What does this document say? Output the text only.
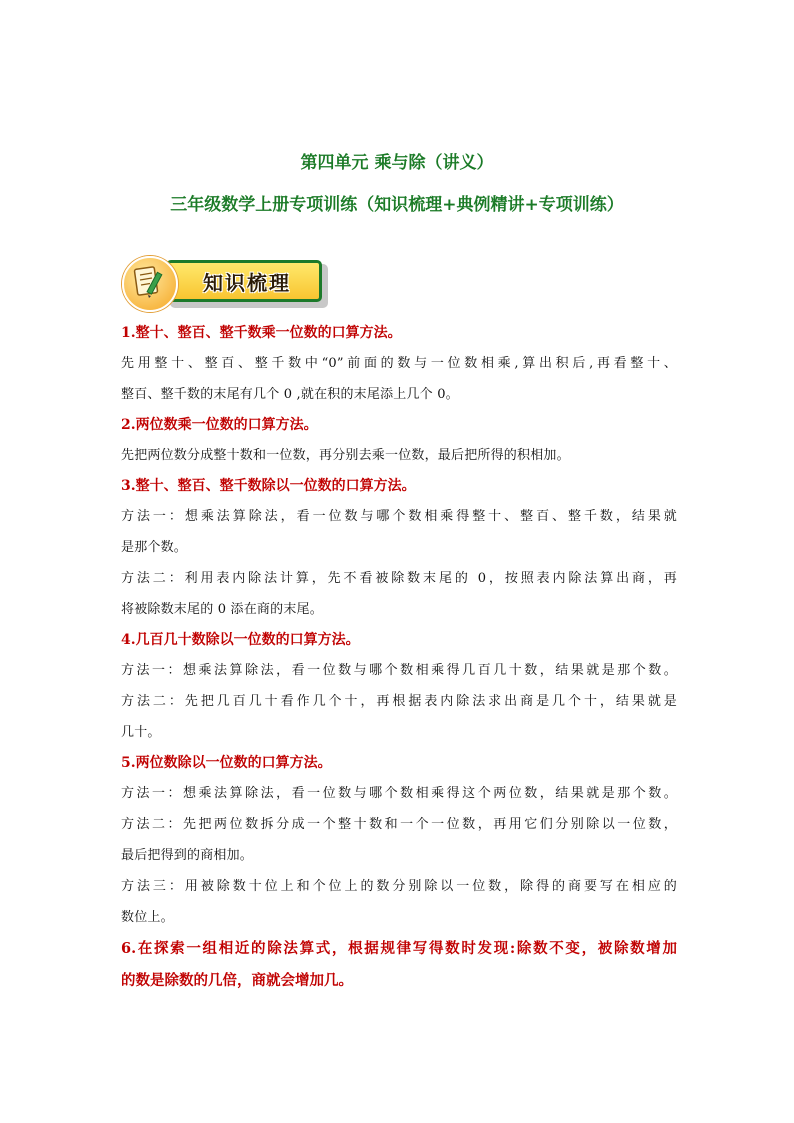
第四单元 乘与除（讲义）
三年级数学上册专项训练（知识梳理+典例精讲+专项训练）
知识梳理
1.整十、整百、整千数乘一位数的口算方法。
先用整十、整百、整千数中“0”前面的数与一位数相乘,算出积后,再看整十、
整百、整千数的末尾有几个 0 ,就在积的末尾添上几个 0。
2.两位数乘一位数的口算方法。
先把两位数分成整十数和一位数，再分别去乘一位数，最后把所得的积相加。
3.整十、整百、整千数除以一位数的口算方法。
方法一：想乘法算除法，看一位数与哪个数相乘得整十、整百、整千数，结果就
是那个数。
方法二：利用表内除法计算，先不看被除数末尾的 0，按照表内除法算出商，再
将被除数末尾的 0 添在商的末尾。
4.几百几十数除以一位数的口算方法。
方法一：想乘法算除法，看一位数与哪个数相乘得几百几十数，结果就是那个数。
方法二：先把几百几十看作几个十，再根据表内除法求出商是几个十，结果就是
几十。
5.两位数除以一位数的口算方法。
方法一：想乘法算除法，看一位数与哪个数相乘得这个两位数，结果就是那个数。
方法二：先把两位数拆分成一个整十数和一个一位数，再用它们分别除以一位数，
最后把得到的商相加。
方法三：用被除数十位上和个位上的数分别除以一位数，除得的商要写在相应的
数位上。
6.在探索一组相近的除法算式，根据规律写得数时发现:除数不变，被除数增加
的数是除数的几倍，商就会增加几。
